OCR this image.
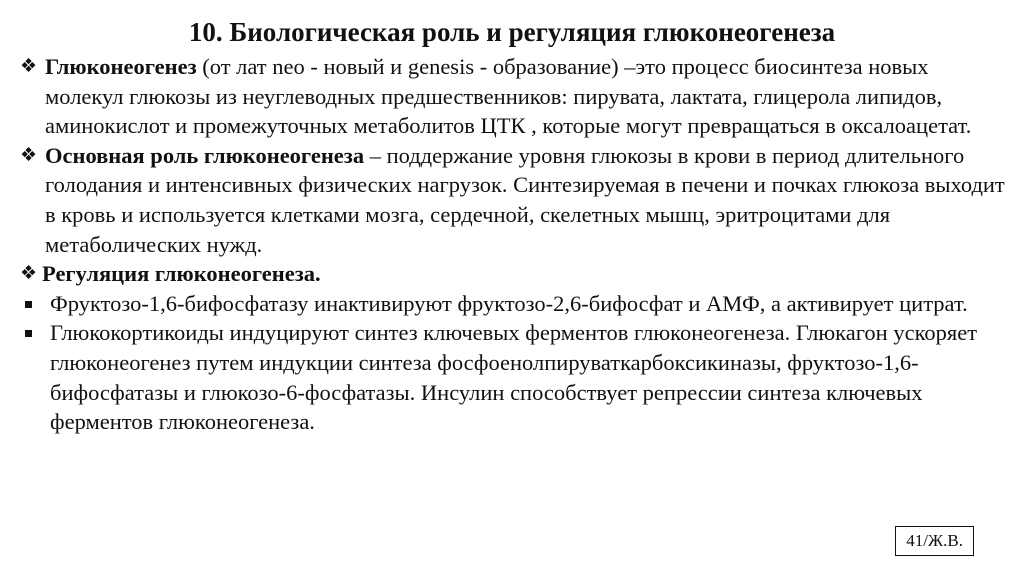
10. Биологическая роль и регуляция глюконеогенеза
❖ Глюконеогенез (от лат neo - новый и genesis - образование) –это процесс биосинтеза новых молекул глюкозы из неуглеводных предшественников: пирувата, лактата, глицерола липидов, аминокислот и промежуточных метаболитов ЦТК , которые могут превращаться в оксалоацетат.
❖ Основная роль глюконеогенеза – поддержание уровня глюкозы в крови в период длительного голодания и интенсивных физических нагрузок. Синтезируемая в печени и почках глюкоза выходит в кровь и используется клетками мозга, сердечной, скелетных мышц, эритроцитами для метаболических нужд.
❖ Регуляция глюконеогенеза.
Фруктозо-1,6-бифосфатазу инактивируют фруктозо-2,6-бифосфат и АМФ, а активирует цитрат.
Глюкокортикоиды индуцируют синтез ключевых ферментов глюконеогенеза. Глюкагон ускоряет глюконеогенез путем индукции синтеза фосфоенолпируваткарбоксикиназы, фруктозо-1,6-бифосфатазы и глюкозо-6-фосфатазы. Инсулин способствует репрессии синтеза ключевых ферментов глюконеогенеза.
41/Ж.В.
